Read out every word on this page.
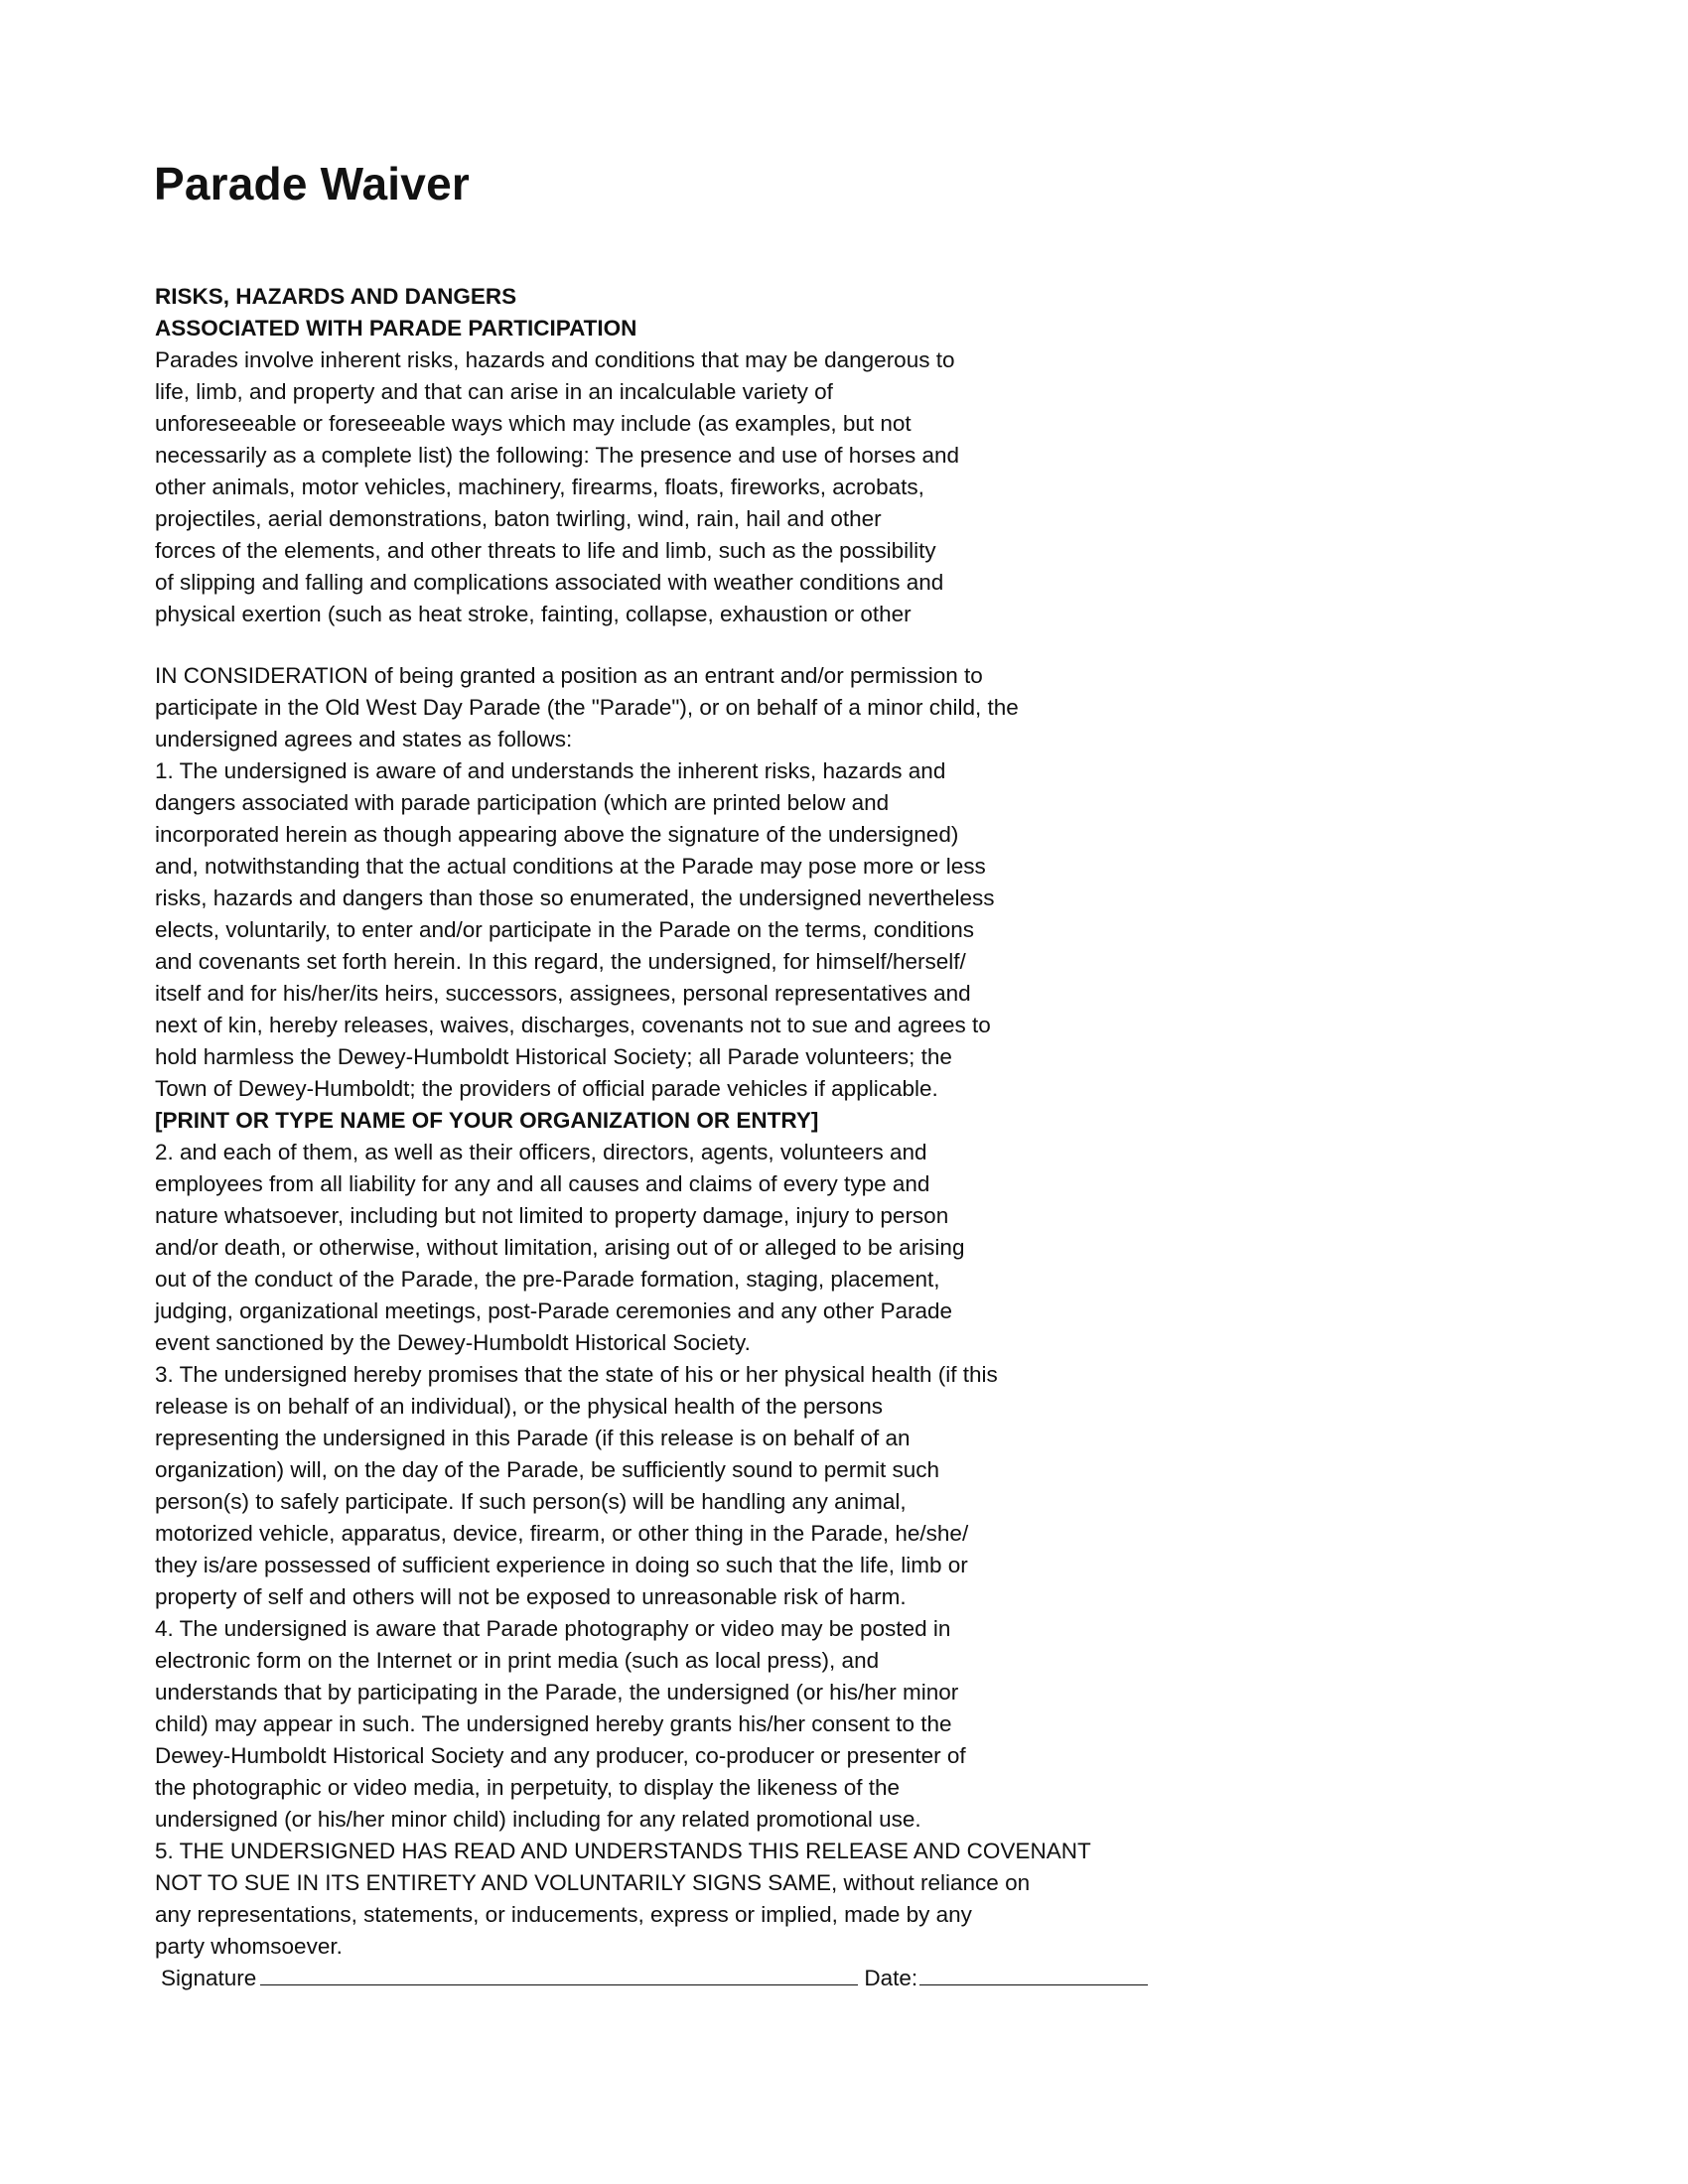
Parade Waiver
RISKS, HAZARDS AND DANGERS
ASSOCIATED WITH PARADE PARTICIPATION
Parades involve inherent risks, hazards and conditions that may be dangerous to
life, limb, and property and that can arise in an incalculable variety of
unforeseeable or foreseeable ways which may include (as examples, but not
necessarily as a complete list) the following: The presence and use of horses and
other animals, motor vehicles, machinery, firearms, floats, fireworks, acrobats,
projectiles, aerial demonstrations, baton twirling, wind, rain, hail and other
forces of the elements, and other threats to life and limb, such as the possibility
of slipping and falling and complications associated with weather conditions and
physical exertion (such as heat stroke, fainting, collapse, exhaustion or other
IN CONSIDERATION of being granted a position as an entrant and/or permission to
participate in the Old West Day Parade (the "Parade"), or on behalf of a minor child, the
undersigned agrees and states as follows:
1. The undersigned is aware of and understands the inherent risks, hazards and
dangers associated with parade participation (which are printed below and
incorporated herein as though appearing above the signature of the undersigned)
and, notwithstanding that the actual conditions at the Parade may pose more or less
risks, hazards and dangers than those so enumerated, the undersigned nevertheless
elects, voluntarily, to enter and/or participate in the Parade on the terms, conditions
and covenants set forth herein. In this regard, the undersigned, for himself/herself/
itself and for his/her/its heirs, successors, assignees, personal representatives and
next of kin, hereby releases, waives, discharges, covenants not to sue and agrees to
hold harmless the Dewey-Humboldt Historical Society; all Parade volunteers; the
Town of Dewey-Humboldt; the providers of official parade vehicles if applicable.
[PRINT OR TYPE NAME OF YOUR ORGANIZATION OR ENTRY]
2. and each of them, as well as their officers, directors, agents, volunteers and
employees from all liability for any and all causes and claims of every type and
nature whatsoever, including but not limited to property damage, injury to person
and/or death, or otherwise, without limitation, arising out of or alleged to be arising
out of the conduct of the Parade, the pre-Parade formation, staging, placement,
judging, organizational meetings, post-Parade ceremonies and any other Parade
event sanctioned by the Dewey-Humboldt Historical Society.
3. The undersigned hereby promises that the state of his or her physical health (if this
release is on behalf of an individual), or the physical health of the persons
representing the undersigned in this Parade (if this release is on behalf of an
organization) will, on the day of the Parade, be sufficiently sound to permit such
person(s) to safely participate. If such person(s) will be handling any animal,
motorized vehicle, apparatus, device, firearm, or other thing in the Parade, he/she/
they is/are possessed of sufficient experience in doing so such that the life, limb or
property of self and others will not be exposed to unreasonable risk of harm.
4. The undersigned is aware that Parade photography or video may be posted in
electronic form on the Internet or in print media (such as local press), and
understands that by participating in the Parade, the undersigned (or his/her minor
child) may appear in such. The undersigned hereby grants his/her consent to the
Dewey-Humboldt Historical Society and any producer, co-producer or presenter of
the photographic or video media, in perpetuity, to display the likeness of the
undersigned (or his/her minor child) including for any related promotional use.
5. THE UNDERSIGNED HAS READ AND UNDERSTANDS THIS RELEASE AND COVENANT
NOT TO SUE IN ITS ENTIRETY AND VOLUNTARILY SIGNS SAME, without reliance on
any representations, statements, or inducements, express or implied, made by any
party whomsoever.
Signature	Date:
